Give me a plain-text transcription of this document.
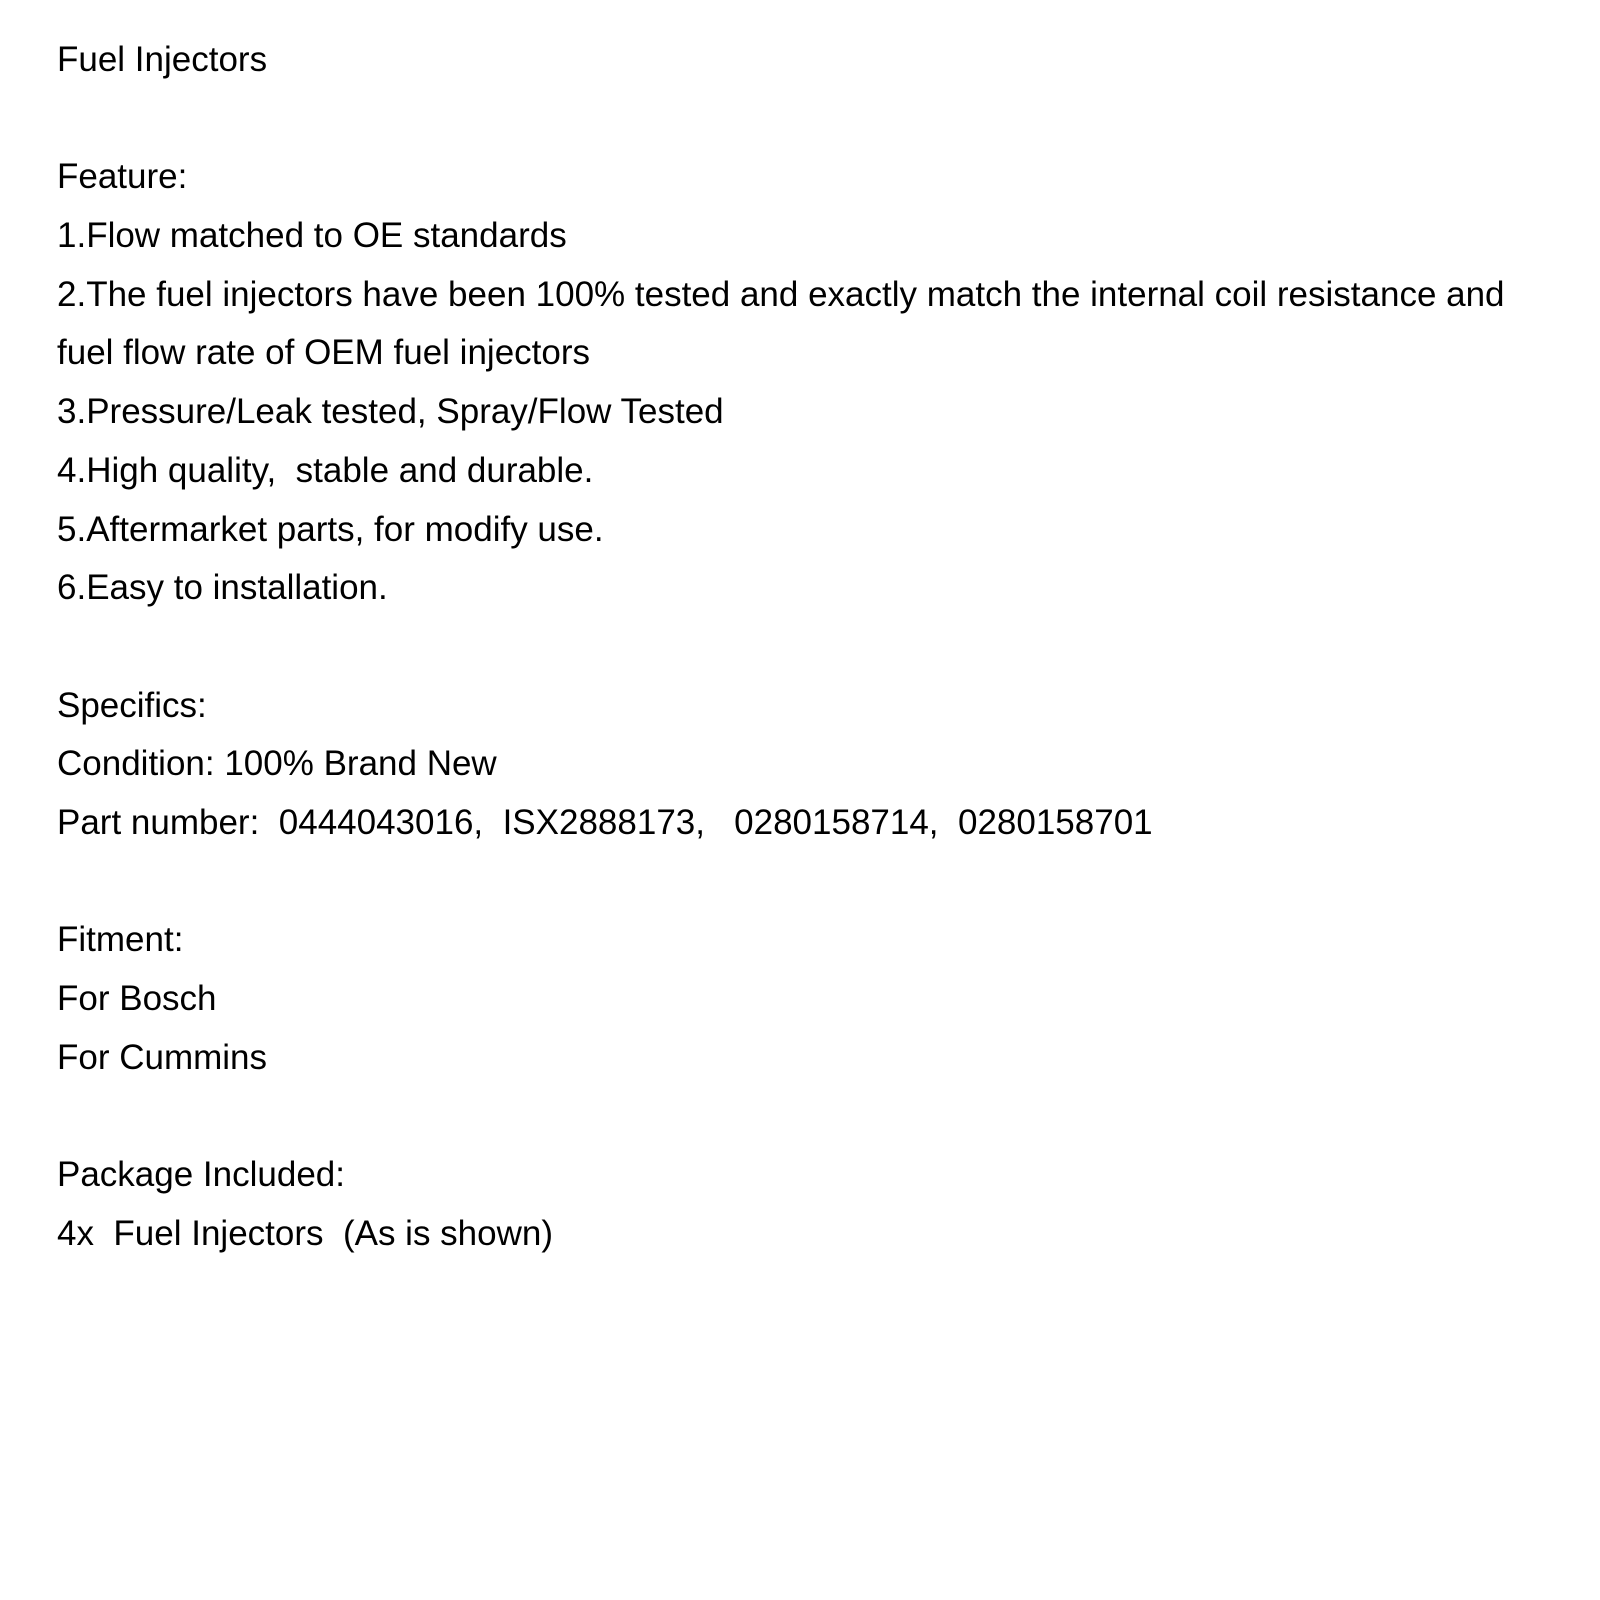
Fuel Injectors
Feature:
1.Flow matched to OE standards
2.The fuel injectors have been 100% tested and exactly match the internal coil resistance and
fuel flow rate of OEM fuel injectors
3.Pressure/Leak tested, Spray/Flow Tested
4.High quality,  stable and durable.
5.Aftermarket parts, for modify use.
6.Easy to installation.
Specifics:
Condition: 100% Brand New
Part number:  0444043016,  ISX2888173,   0280158714,  0280158701
Fitment:
For Bosch
For Cummins
Package Included:
4x  Fuel Injectors  (As is shown)
